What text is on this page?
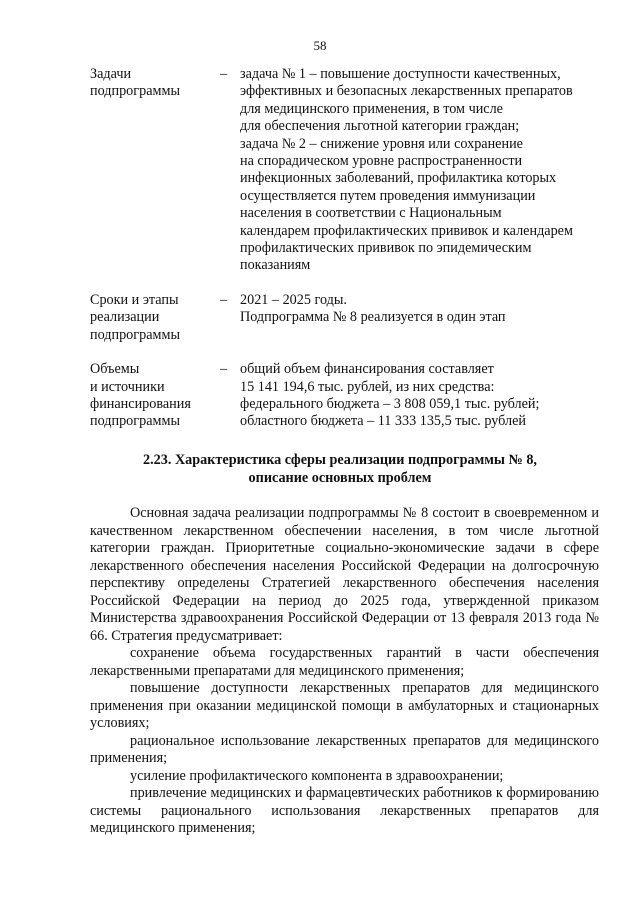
58
Задачи
подпрограммы
– задача № 1 – повышение доступности качественных,
эффективных и безопасных лекарственных препаратов
для медицинского применения, в том числе
для обеспечения льготной категории граждан;
задача № 2 – снижение уровня или сохранение
на спорадическом уровне распространенности
инфекционных заболеваний, профилактика которых
осуществляется путем проведения иммунизации
населения в соответствии с Национальным
календарем профилактических прививок и календарем
профилактических прививок по эпидемическим
показаниям
Сроки и этапы
реализации
подпрограммы
– 2021 – 2025 годы.
Подпрограмма № 8 реализуется в один этап
Объемы
и источники
финансирования
подпрограммы
– общий объем финансирования составляет
15 141 194,6 тыс. рублей, из них средства:
федерального бюджета – 3 808 059,1 тыс. рублей;
областного бюджета – 11 333 135,5 тыс. рублей
2.23. Характеристика сферы реализации подпрограммы № 8,
описание основных проблем

Основная задача реализации подпрограммы № 8 состоит в своевременном и качественном лекарственном обеспечении населения, в том числе льготной категории граждан. Приоритетные социально-экономические задачи в сфере лекарственного обеспечения населения Российской Федерации на долгосрочную перспективу определены Стратегией лекарственного обеспечения населения Российской Федерации на период до 2025 года, утвержденной приказом Министерства здравоохранения Российской Федерации от 13 февраля 2013 года № 66. Стратегия предусматривает:

сохранение объема государственных гарантий в части обеспечения лекарственными препаратами для медицинского применения;

повышение доступности лекарственных препаратов для медицинского применения при оказании медицинской помощи в амбулаторных и стационарных условиях;

рациональное использование лекарственных препаратов для медицинского применения;

усиление профилактического компонента в здравоохранении;

привлечение медицинских и фармацевтических работников к формированию системы рационального использования лекарственных препаратов для медицинского применения;
